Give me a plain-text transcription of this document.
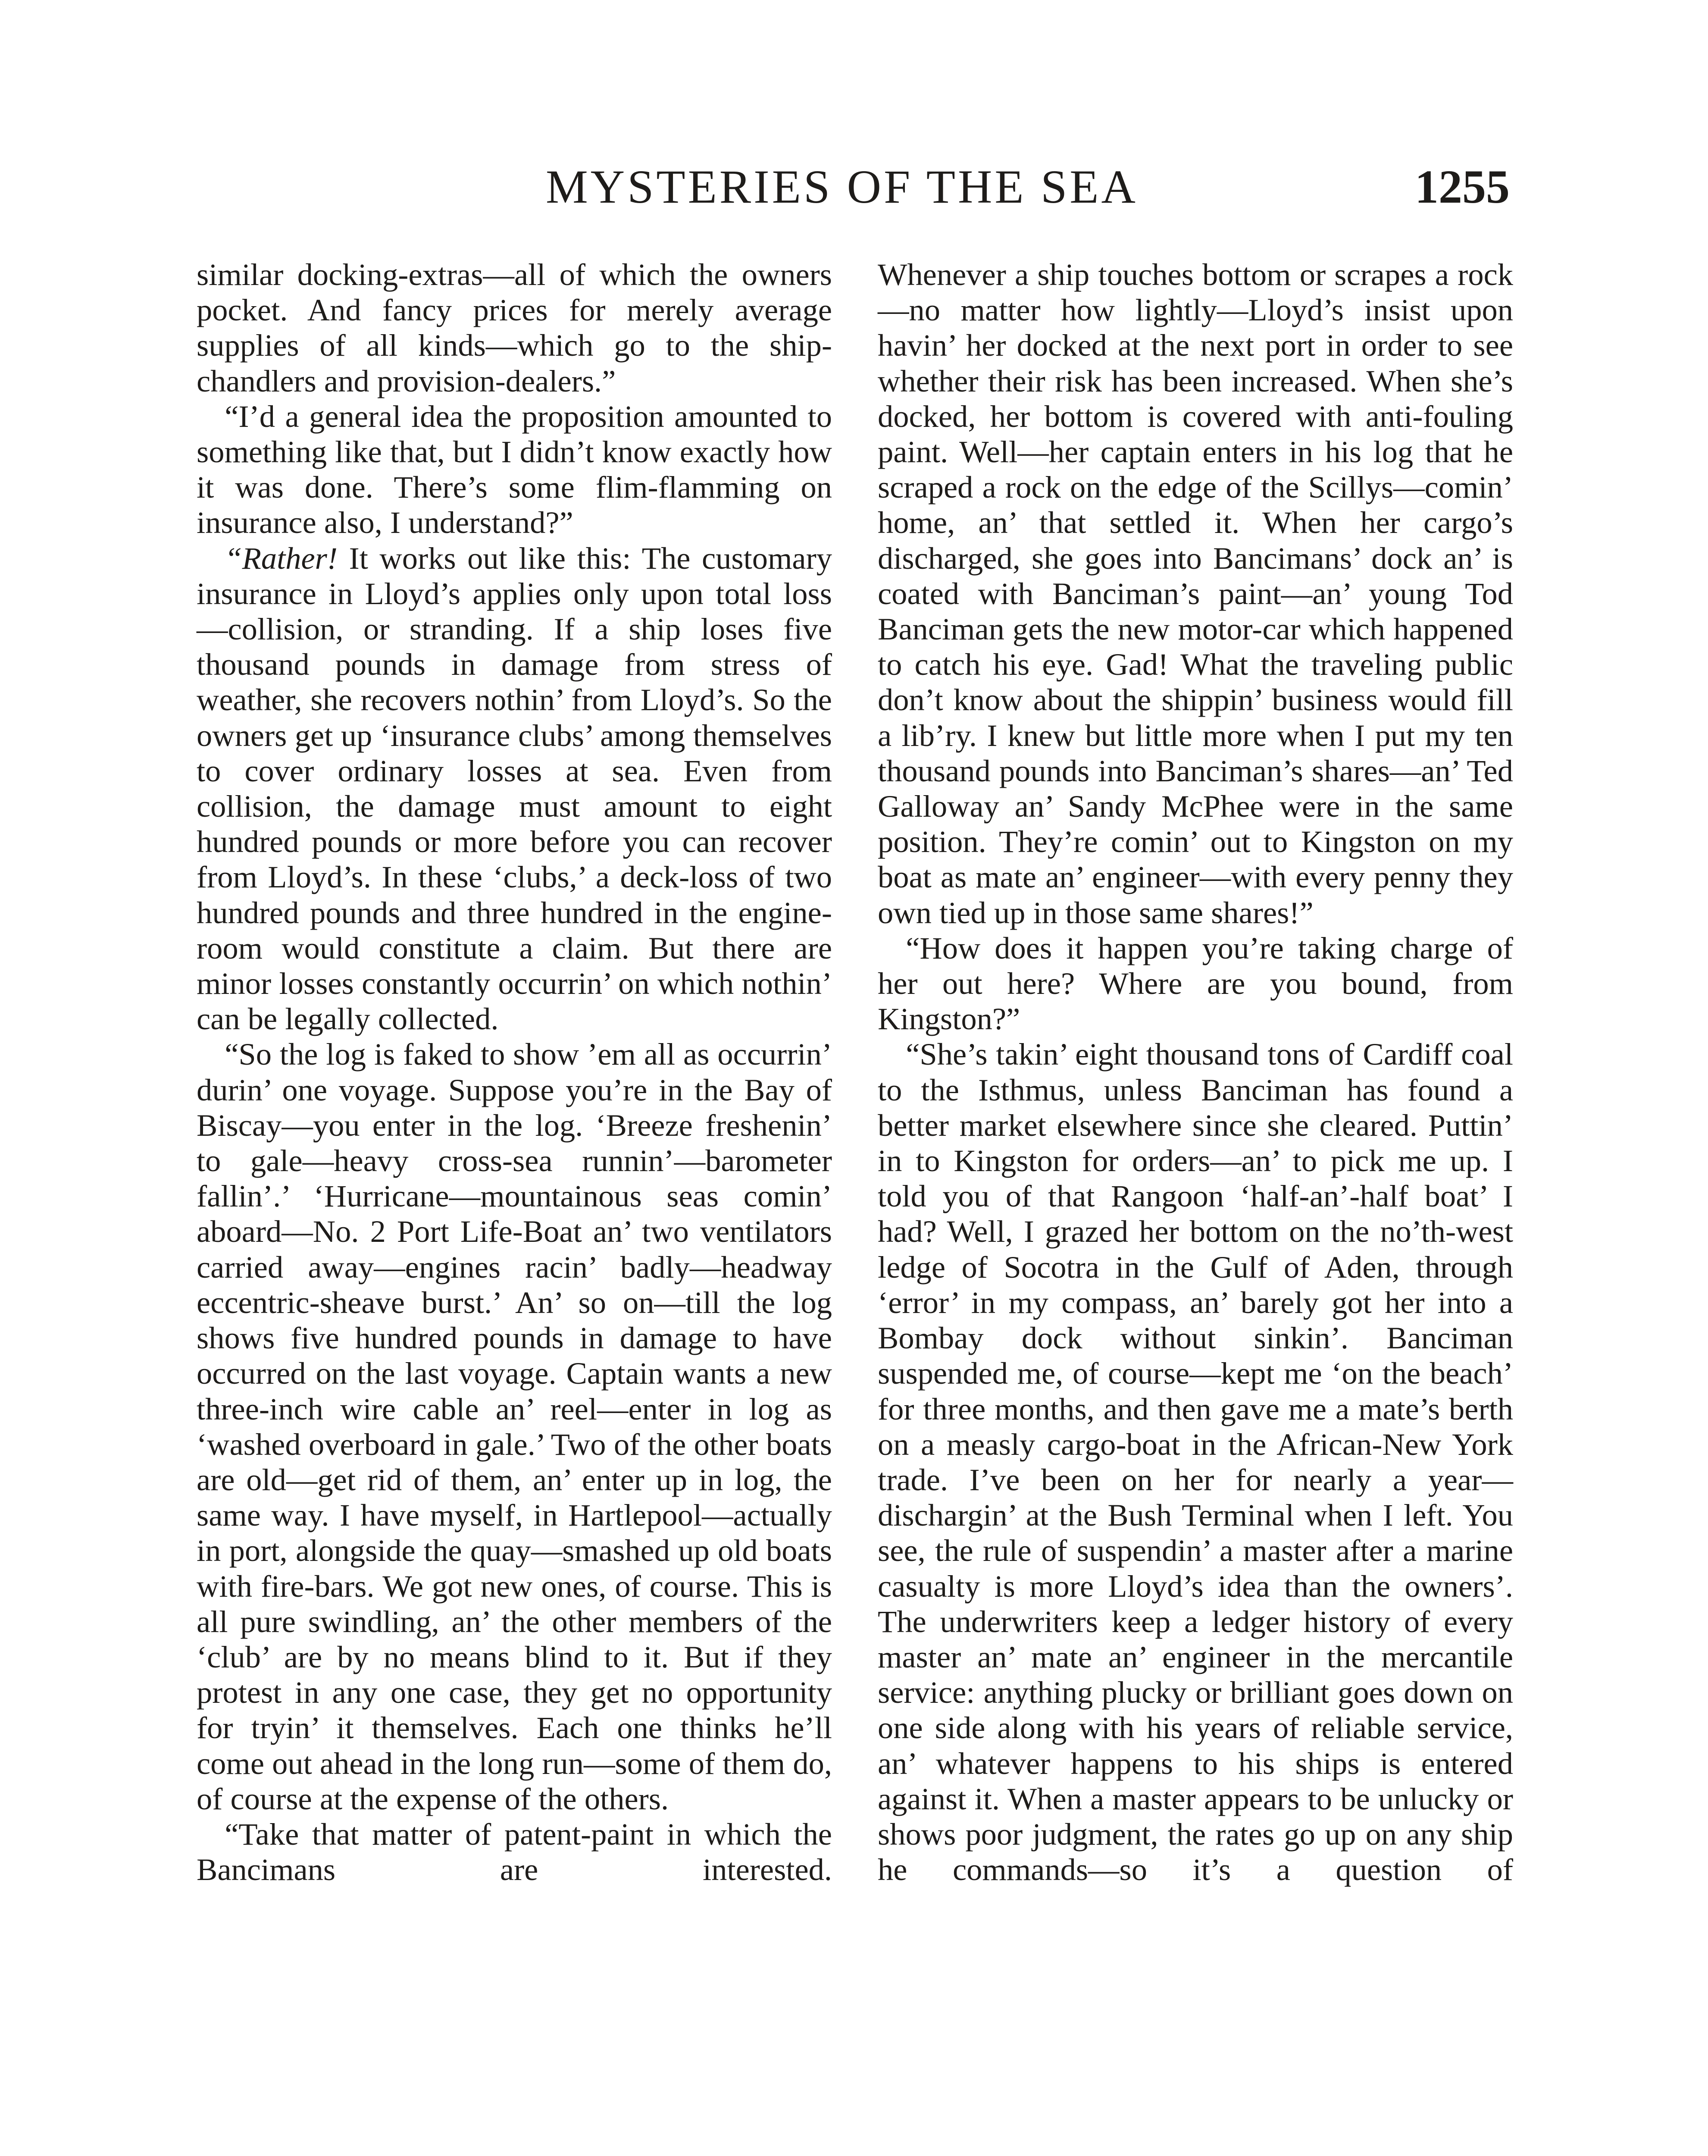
MYSTERIES OF THE SEA	1255

similar docking-extras—all of which the owners pocket. And fancy prices for merely average supplies of all kinds—which go to the ship-chandlers and provision-dealers.”

“I’d a general idea the proposition amounted to something like that, but I didn’t know exactly how it was done. There’s some flim-flamming on insurance also, I understand?”

“Rather! It works out like this: The customary insurance in Lloyd’s applies only upon total loss—collision, or stranding. If a ship loses five thousand pounds in damage from stress of weather, she recovers nothin’ from Lloyd’s. So the owners get up ‘insurance clubs’ among themselves to cover ordinary losses at sea. Even from collision, the damage must amount to eight hundred pounds or more before you can recover from Lloyd’s. In these ‘clubs,’ a deck-loss of two hundred pounds and three hundred in the engine-room would constitute a claim. But there are minor losses constantly occurrin’ on which nothin’ can be legally collected.

“So the log is faked to show ’em all as occurrin’ durin’ one voyage. Suppose you’re in the Bay of Biscay—you enter in the log. ‘Breeze freshenin’ to gale—heavy cross-sea runnin’—barometer fallin’.’ ‘Hurricane—mountainous seas comin’ aboard—No. 2 Port Life-Boat an’ two ventilators carried away—engines racin’ badly—headway eccentric-sheave burst.’ An’ so on—till the log shows five hundred pounds in damage to have occurred on the last voyage. Captain wants a new three-inch wire cable an’ reel—enter in log as ‘washed overboard in gale.’ Two of the other boats are old—get rid of them, an’ enter up in log, the same way. I have myself, in Hartlepool—actually in port, alongside the quay—smashed up old boats with fire-bars. We got new ones, of course. This is all pure swindling, an’ the other members of the ‘club’ are by no means blind to it. But if they protest in any one case, they get no opportunity for tryin’ it themselves. Each one thinks he’ll come out ahead in the long run—some of them do, of course at the expense of the others.

“Take that matter of patent-paint in which the Bancimans are interested.

Whenever a ship touches bottom or scrapes a rock—no matter how lightly—Lloyd’s insist upon havin’ her docked at the next port in order to see whether their risk has been increased. When she’s docked, her bottom is covered with anti-fouling paint. Well—her captain enters in his log that he scraped a rock on the edge of the Scillys—comin’ home, an’ that settled it. When her cargo’s discharged, she goes into Bancimans’ dock an’ is coated with Banciman’s paint—an’ young Tod Banciman gets the new motor-car which happened to catch his eye. Gad! What the traveling public don’t know about the shippin’ business would fill a lib’ry. I knew but little more when I put my ten thousand pounds into Banciman’s shares—an’ Ted Galloway an’ Sandy McPhee were in the same position. They’re comin’ out to Kingston on my boat as mate an’ engineer—with every penny they own tied up in those same shares!”

“How does it happen you’re taking charge of her out here? Where are you bound, from Kingston?”

“She’s takin’ eight thousand tons of Cardiff coal to the Isthmus, unless Banciman has found a better market elsewhere since she cleared. Puttin’ in to Kingston for orders—an’ to pick me up. I told you of that Rangoon ‘half-an’-half boat’ I had? Well, I grazed her bottom on the no’th-west ledge of Socotra in the Gulf of Aden, through ‘error’ in my compass, an’ barely got her into a Bombay dock without sinkin’. Banciman suspended me, of course—kept me ‘on the beach’ for three months, and then gave me a mate’s berth on a measly cargo-boat in the African-New York trade. I’ve been on her for nearly a year—dischargin’ at the Bush Terminal when I left. You see, the rule of suspendin’ a master after a marine casualty is more Lloyd’s idea than the owners’. The underwriters keep a ledger history of every master an’ mate an’ engineer in the mercantile service: anything plucky or brilliant goes down on one side along with his years of reliable service, an’ whatever happens to his ships is entered against it. When a master appears to be unlucky or shows poor judgment, the rates go up on any ship he commands—so it’s a question of
